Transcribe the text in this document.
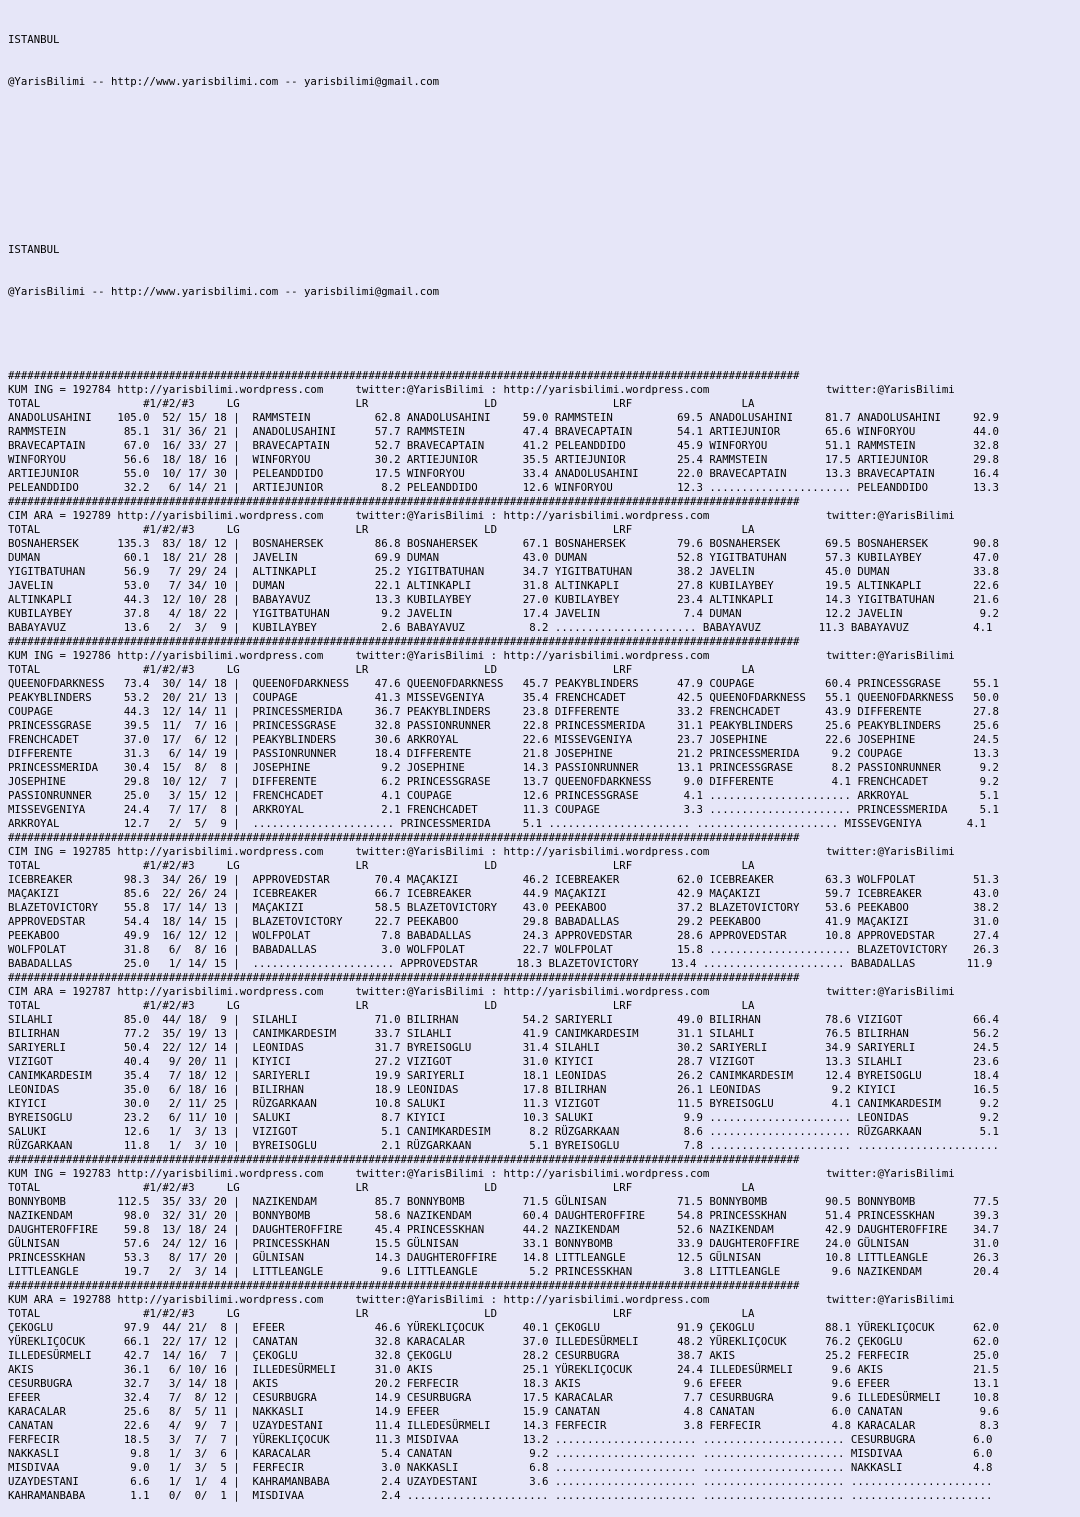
ISTANBUL

@YarisBilimi -- http://www.yarisbilimi.com -- yarisbilimi@gmail.com

ISTANBUL

@YarisBilimi -- http://www.yarisbilimi.com -- yarisbilimi@gmail.com

###########################################################################################################################
KUM ING = 192784 http://yarisbilimi.wordpress.com     twitter:@YarisBilimi : http://yarisbilimi.wordpress.com	twitter:@YarisBilimi
TOTAL                #1/#2/#3     LG                  LR                  LD                  LRF                 LA
ANADOLUSAHINI    105.0  52/ 15/ 18 |  RAMMSTEIN          62.8 ANADOLUSAHINI     59.0 RAMMSTEIN          69.5 ANADOLUSAHINI     81.7 ANADOLUSAHINI     92.9
RAMMSTEIN         85.1  31/ 36/ 21 |  ANADOLUSAHINI      57.7 RAMMSTEIN         47.4 BRAVECAPTAIN       54.1 ARTIEJUNIOR       65.6 WINFORYOU         44.0
BRAVECAPTAIN      67.0  16/ 33/ 27 |  BRAVECAPTAIN       52.7 BRAVECAPTAIN      41.2 PELEANDDIDO        45.9 WINFORYOU         51.1 RAMMSTEIN         32.8
WINFORYOU         56.6  18/ 18/ 16 |  WINFORYOU          30.2 ARTIEJUNIOR       35.5 ARTIEJUNIOR        25.4 RAMMSTEIN         17.5 ARTIEJUNIOR       29.8
ARTIEJUNIOR       55.0  10/ 17/ 30 |  PELEANDDIDO        17.5 WINFORYOU         33.4 ANADOLUSAHINI      22.0 BRAVECAPTAIN      13.3 BRAVECAPTAIN      16.4
PELEANDDIDO       32.2   6/ 14/ 21 |  ARTIEJUNIOR         8.2 PELEANDDIDO       12.6 WINFORYOU          12.3 ...................... PELEANDDIDO       13.3
###########################################################################################################################
CIM ARA = 192789 http://yarisbilimi.wordpress.com     twitter:@YarisBilimi : http://yarisbilimi.wordpress.com	twitter:@YarisBilimi
TOTAL                #1/#2/#3     LG                  LR                  LD                  LRF                 LA
BOSNAHERSEK      135.3  83/ 18/ 12 |  BOSNAHERSEK        86.8 BOSNAHERSEK       67.1 BOSNAHERSEK        79.6 BOSNAHERSEK       69.5 BOSNAHERSEK       90.8
DUMAN             60.1  18/ 21/ 28 |  JAVELIN            69.9 DUMAN             43.0 DUMAN              52.8 YIGITBATUHAN      57.3 KUBILAYBEY        47.0
YIGITBATUHAN      56.9   7/ 29/ 24 |  ALTINKAPLI         25.2 YIGITBATUHAN      34.7 YIGITBATUHAN       38.2 JAVELIN           45.0 DUMAN             33.8
JAVELIN           53.0   7/ 34/ 10 |  DUMAN              22.1 ALTINKAPLI        31.8 ALTINKAPLI         27.8 KUBILAYBEY        19.5 ALTINKAPLI        22.6
ALTINKAPLI        44.3  12/ 10/ 28 |  BABAYAVUZ          13.3 KUBILAYBEY        27.0 KUBILAYBEY         23.4 ALTINKAPLI        14.3 YIGITBATUHAN      21.6
KUBILAYBEY        37.8   4/ 18/ 22 |  YIGITBATUHAN        9.2 JAVELIN           17.4 JAVELIN             7.4 DUMAN             12.2 JAVELIN            9.2
BABAYAVUZ         13.6   2/  3/  9 |  KUBILAYBEY          2.6 BABAYAVUZ          8.2 ...................... BABAYAVUZ         11.3 BABAYAVUZ          4.1
###########################################################################################################################
KUM ING = 192786 http://yarisbilimi.wordpress.com     twitter:@YarisBilimi : http://yarisbilimi.wordpress.com	twitter:@YarisBilimi
TOTAL                #1/#2/#3     LG                  LR                  LD                  LRF                 LA
QUEENOFDARKNESS   73.4  30/ 14/ 18 |  QUEENOFDARKNESS    47.6 QUEENOFDARKNESS   45.7 PEAKYBLINDERS      47.9 COUPAGE           60.4 PRINCESSGRASE     55.1
PEAKYBLINDERS     53.2  20/ 21/ 13 |  COUPAGE            41.3 MISSEVGENIYA      35.4 FRENCHCADET        42.5 QUEENOFDARKNESS   55.1 QUEENOFDARKNESS   50.0
COUPAGE           44.3  12/ 14/ 11 |  PRINCESSMERIDA     36.7 PEAKYBLINDERS     23.8 DIFFERENTE         33.2 FRENCHCADET       43.9 DIFFERENTE        27.8
PRINCESSGRASE     39.5  11/  7/ 16 |  PRINCESSGRASE      32.8 PASSIONRUNNER     22.8 PRINCESSMERIDA     31.1 PEAKYBLINDERS     25.6 PEAKYBLINDERS     25.6
FRENCHCADET       37.0  17/  6/ 12 |  PEAKYBLINDERS      30.6 ARKROYAL          22.6 MISSEVGENIYA       23.7 JOSEPHINE         22.6 JOSEPHINE         24.5
DIFFERENTE        31.3   6/ 14/ 19 |  PASSIONRUNNER      18.4 DIFFERENTE        21.8 JOSEPHINE          21.2 PRINCESSMERIDA     9.2 COUPAGE           13.3
PRINCESSMERIDA    30.4  15/  8/  8 |  JOSEPHINE           9.2 JOSEPHINE         14.3 PASSIONRUNNER      13.1 PRINCESSGRASE      8.2 PASSIONRUNNER      9.2
JOSEPHINE         29.8  10/ 12/  7 |  DIFFERENTE          6.2 PRINCESSGRASE     13.7 QUEENOFDARKNESS     9.0 DIFFERENTE         4.1 FRENCHCADET        9.2
PASSIONRUNNER     25.0   3/ 15/ 12 |  FRENCHCADET         4.1 COUPAGE           12.6 PRINCESSGRASE       4.1 ...................... ARKROYAL           5.1
MISSEVGENIYA      24.4   7/ 17/  8 |  ARKROYAL            2.1 FRENCHCADET       11.3 COUPAGE             3.3 ...................... PRINCESSMERIDA     5.1
ARKROYAL          12.7   2/  5/  9 |  ...................... PRINCESSMERIDA     5.1 ...................... ...................... MISSEVGENIYA       4.1
###########################################################################################################################
CIM ING = 192785 http://yarisbilimi.wordpress.com     twitter:@YarisBilimi : http://yarisbilimi.wordpress.com	twitter:@YarisBilimi
TOTAL                #1/#2/#3     LG                  LR                  LD                  LRF                 LA
ICEBREAKER        98.3  34/ 26/ 19 |  APPROVEDSTAR       70.4 MAÇAKIZI          46.2 ICEBREAKER         62.0 ICEBREAKER        63.3 WOLFPOLAT         51.3
MAÇAKIZI          85.6  22/ 26/ 24 |  ICEBREAKER         66.7 ICEBREAKER        44.9 MAÇAKIZI           42.9 MAÇAKIZI          59.7 ICEBREAKER        43.0
BLAZETOVICTORY    55.8  17/ 14/ 13 |  MAÇAKIZI           58.5 BLAZETOVICTORY    43.0 PEEKABOO           37.2 BLAZETOVICTORY    53.6 PEEKABOO          38.2
APPROVEDSTAR      54.4  18/ 14/ 15 |  BLAZETOVICTORY     22.7 PEEKABOO          29.8 BABADALLAS         29.2 PEEKABOO          41.9 MAÇAKIZI          31.0
PEEKABOO          49.9  16/ 12/ 12 |  WOLFPOLAT           7.8 BABADALLAS        24.3 APPROVEDSTAR       28.6 APPROVEDSTAR      10.8 APPROVEDSTAR      27.4
WOLFPOLAT         31.8   6/  8/ 16 |  BABADALLAS          3.0 WOLFPOLAT         22.7 WOLFPOLAT          15.8 ...................... BLAZETOVICTORY    26.3
BABADALLAS        25.0   1/ 14/ 15 |  ...................... APPROVEDSTAR      18.3 BLAZETOVICTORY     13.4 ...................... BABADALLAS        11.9
###########################################################################################################################
CIM ARA = 192787 http://yarisbilimi.wordpress.com     twitter:@YarisBilimi : http://yarisbilimi.wordpress.com	twitter:@YarisBilimi
TOTAL                #1/#2/#3     LG                  LR                  LD                  LRF                 LA
SILAHLI           85.0  44/ 18/  9 |  SILAHLI            71.0 BILIRHAN          54.2 SARIYERLI          49.0 BILIRHAN          78.6 VIZIGOT           66.4
BILIRHAN          77.2  35/ 19/ 13 |  CANIMKARDESIM      33.7 SILAHLI           41.9 CANIMKARDESIM      31.1 SILAHLI           76.5 BILIRHAN          56.2
SARIYERLI         50.4  22/ 12/ 14 |  LEONIDAS           31.7 BYREISOGLU        31.4 SILAHLI            30.2 SARIYERLI         34.9 SARIYERLI         24.5
VIZIGOT           40.4   9/ 20/ 11 |  KIYICI             27.2 VIZIGOT           31.0 KIYICI             28.7 VIZIGOT           13.3 SILAHLI           23.6
CANIMKARDESIM     35.4   7/ 18/ 12 |  SARIYERLI          19.9 SARIYERLI         18.1 LEONIDAS           26.2 CANIMKARDESIM     12.4 BYREISOGLU        18.4
LEONIDAS          35.0   6/ 18/ 16 |  BILIRHAN           18.9 LEONIDAS          17.8 BILIRHAN           26.1 LEONIDAS           9.2 KIYICI            16.5
KIYICI            30.0   2/ 11/ 25 |  RÜZGARKAAN         10.8 SALUKI            11.3 VIZIGOT            11.5 BYREISOGLU         4.1 CANIMKARDESIM      9.2
BYREISOGLU        23.2   6/ 11/ 10 |  SALUKI              8.7 KIYICI            10.3 SALUKI              9.9 ...................... LEONIDAS           9.2
SALUKI            12.6   1/  3/ 13 |  VIZIGOT             5.1 CANIMKARDESIM      8.2 RÜZGARKAAN          8.6 ...................... RÜZGARKAAN         5.1
RÜZGARKAAN        11.8   1/  3/ 10 |  BYREISOGLU          2.1 RÜZGARKAAN         5.1 BYREISOGLU          7.8 ...................... ......................
###########################################################################################################################
KUM ING = 192783 http://yarisbilimi.wordpress.com     twitter:@YarisBilimi : http://yarisbilimi.wordpress.com	twitter:@YarisBilimi
TOTAL                #1/#2/#3     LG                  LR                  LD                  LRF                 LA
BONNYBOMB        112.5  35/ 33/ 20 |  NAZIKENDAM         85.7 BONNYBOMB         71.5 GÜLNISAN           71.5 BONNYBOMB         90.5 BONNYBOMB         77.5
NAZIKENDAM        98.0  32/ 31/ 20 |  BONNYBOMB          58.6 NAZIKENDAM        60.4 DAUGHTEROFFIRE     54.8 PRINCESSKHAN      51.4 PRINCESSKHAN      39.3
DAUGHTEROFFIRE    59.8  13/ 18/ 24 |  DAUGHTEROFFIRE     45.4 PRINCESSKHAN      44.2 NAZIKENDAM         52.6 NAZIKENDAM        42.9 DAUGHTEROFFIRE    34.7
GÜLNISAN          57.6  24/ 12/ 16 |  PRINCESSKHAN       15.5 GÜLNISAN          33.1 BONNYBOMB          33.9 DAUGHTEROFFIRE    24.0 GÜLNISAN          31.0
PRINCESSKHAN      53.3   8/ 17/ 20 |  GÜLNISAN           14.3 DAUGHTEROFFIRE    14.8 LITTLEANGLE        12.5 GÜLNISAN          10.8 LITTLEANGLE       26.3
LITTLEANGLE       19.7   2/  3/ 14 |  LITTLEANGLE         9.6 LITTLEANGLE        5.2 PRINCESSKHAN        3.8 LITTLEANGLE        9.6 NAZIKENDAM        20.4
###########################################################################################################################
KUM ARA = 192788 http://yarisbilimi.wordpress.com     twitter:@YarisBilimi : http://yarisbilimi.wordpress.com	twitter:@YarisBilimi
TOTAL                #1/#2/#3     LG                  LR                  LD                  LRF                 LA
ÇEKOGLU           97.9  44/ 21/  8 |  EFEER              46.6 YÜREKLIÇOCUK      40.1 ÇEKOGLU            91.9 ÇEKOGLU           88.1 YÜREKLIÇOCUK      62.0
YÜREKLIÇOCUK      66.1  22/ 17/ 12 |  CANATAN            32.8 KARACALAR         37.0 ILLEDESÜRMELI      48.2 YÜREKLIÇOCUK      76.2 ÇEKOGLU           62.0
ILLEDESÜRMELI     42.7  14/ 16/  7 |  ÇEKOGLU            32.8 ÇEKOGLU           28.2 CESURBUGRA         38.7 AKIS              25.2 FERFECIR          25.0
AKIS              36.1   6/ 10/ 16 |  ILLEDESÜRMELI      31.0 AKIS              25.1 YÜREKLIÇOCUK       24.4 ILLEDESÜRMELI      9.6 AKIS              21.5
CESURBUGRA        32.7   3/ 14/ 18 |  AKIS               20.2 FERFECIR          18.3 AKIS                9.6 EFEER              9.6 EFEER             13.1
EFEER             32.4   7/  8/ 12 |  CESURBUGRA         14.9 CESURBUGRA        17.5 KARACALAR           7.7 CESURBUGRA         9.6 ILLEDESÜRMELI     10.8
KARACALAR         25.6   8/  5/ 11 |  NAKKASLI           14.9 EFEER             15.9 CANATAN             4.8 CANATAN            6.0 CANATAN            9.6
CANATAN           22.6   4/  9/  7 |  UZAYDESTANI        11.4 ILLEDESÜRMELI     14.3 FERFECIR            3.8 FERFECIR           4.8 KARACALAR          8.3
FERFECIR          18.5   3/  7/  7 |  YÜREKLIÇOCUK       11.3 MISDIVAA          13.2 ...................... ...................... CESURBUGRA         6.0
NAKKASLI           9.8   1/  3/  6 |  KARACALAR           5.4 CANATAN            9.2 ...................... ...................... MISDIVAA           6.0
MISDIVAA           9.0   1/  3/  5 |  FERFECIR            3.0 NAKKASLI           6.8 ...................... ...................... NAKKASLI           4.8
UZAYDESTANI        6.6   1/  1/  4 |  KAHRAMANBABA        2.4 UZAYDESTANI        3.6 ...................... ...................... ......................
KAHRAMANBABA       1.1   0/  0/  1 |  MISDIVAA            2.4 ...................... ...................... ...................... ......................
